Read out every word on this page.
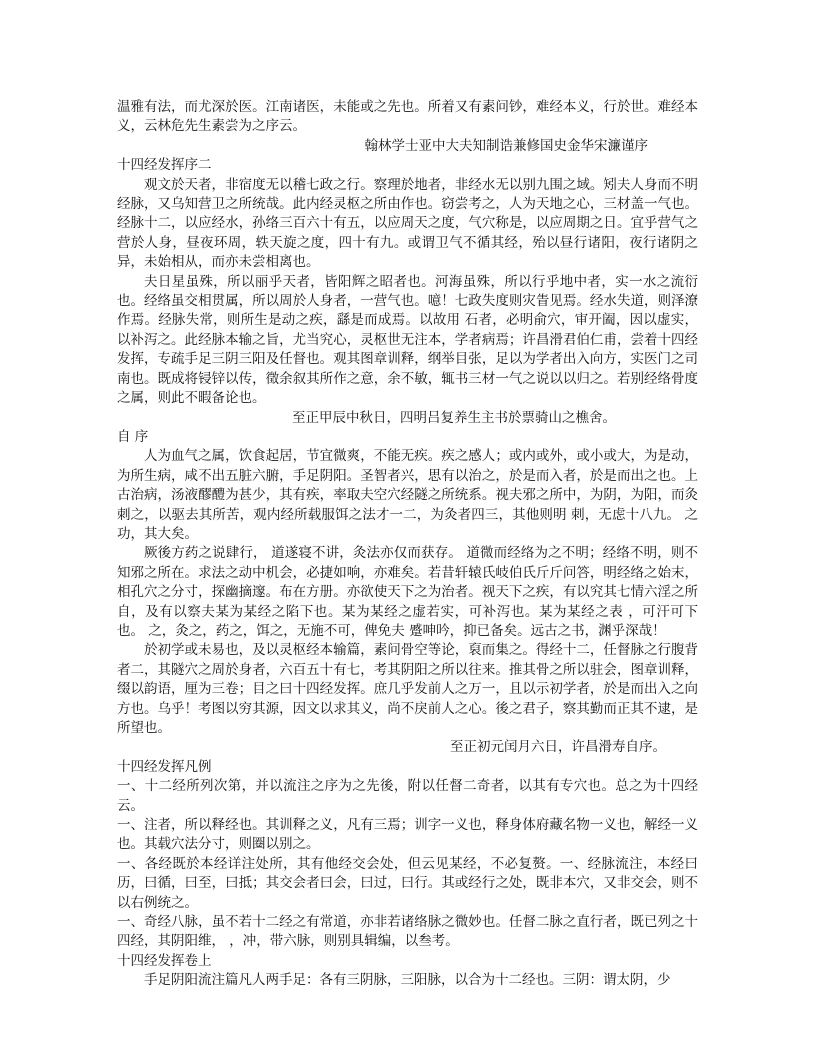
温雅有法，而尤深於医。江南诸医，未能或之先也。所着又有素问钞，难经本义，行於世。难经本义，云林危先生素尝为之序云。

翰林学士亚中大夫知制诰兼修国史金华宋濂谨序

十四经发挥序二

观文於天者，非宿度无以稽七政之行。察理於地者，非经水无以别九围之域。矧夫人身而不明经脉，又乌知营卫之所统哉。此内经灵枢之所由作也。窃尝考之，人为天地之心，三材盖一气也。经脉十二，以应经水，孙络三百六十有五，以应周天之度，气穴称是，以应周期之日。宜乎营气之营於人身，昼夜环周，轶天旋之度，四十有九。或谓卫气不循其经，殆以昼行诸阳，夜行诸阴之异，未始相从，而亦未尝相离也。

夫日星虽殊，所以丽乎天者，皆阳辉之昭者也。河海虽殊，所以行乎地中者，实一水之流衍也。经络虽交相贯属，所以周於人身者，一营气也。噫！七政失度则灾眚见焉。经水失道，则泽潦作焉。经脉失常，则所生是动之疾，繇是而成焉。以故用 石者，必明俞穴，审开阖，因以虚实，以补泻之。此经脉本输之旨，尤当究心，灵枢世无注本，学者病焉；许昌滑君伯仁甫，尝着十四经发挥，专疏手足三阴三阳及任督也。观其图章训释，纲举目张，足以为学者出入向方，实医门之司南也。既成将锓锌以传，徵余叙其所作之意，余不敏，辄书三材一气之说以以归之。若别经络骨度之属，则此不暇备论也。

至正甲辰中秋日，四明吕复养生主书於票骑山之樵舍。

自 序

人为血气之属，饮食起居，节宜微爽，不能无疾。疾之感人；或内或外，或小或大，为是动，为所生病，咸不出五脏六腑，手足阴阳。圣智者兴，思有以治之，於是而入者，於是而出之也。上古治病，汤液醪醴为甚少，其有疾，率取夫空穴经隧之所统系。视夫邪之所中，为阴，为阳，而灸刺之，以驱去其所苦，观内经所载服饵之法才一二，为灸者四三，其他则明 刺，无虑十八九。 之功，其大矣。

厥後方药之说肆行， 道遂寝不讲，灸法亦仅而获存。 道微而经络为之不明；经络不明，则不知邪之所在。求法之动中机会，必捷如响，亦难矣。若昔轩辕氏岐伯氏斤斤问答，明经络之始末，相孔穴之分寸，探幽摘邃。布在方册。亦欲使天下之为治者。视天下之疾，有以究其七情六淫之所自，及有以察夫某为某经之陷下也。某为某经之虚若实，可补泻也。某为某经之表 ，可汗可下也。 之，灸之，药之，饵之，无施不可，俾免夫 蹙呻吟，抑已备矣。远古之书，渊乎深哉！

於初学或未易也，及以灵枢经本输篇，素问骨空等论，裒而集之。得经十二，任督脉之行腹背者二，其隧穴之周於身者，六百五十有七，考其阴阳之所以往来。推其骨之所以驻会，图章训释，缀以韵语，厘为三卷；目之曰十四经发挥。庶几乎发前人之万一，且以示初学者，於是而出入之向方也。乌乎！考图以穷其源，因文以求其义，尚不戾前人之心。後之君子，察其勤而正其不逮，是所望也。

至正初元闰月六日，许昌滑寿自序。

十四经发挥凡例

一、十二经所列次第，并以流注之序为之先後，附以任督二奇者，以其有专穴也。总之为十四经云。

一、注者，所以释经也。其训释之义，凡有三焉；训字一义也，释身体府藏名物一义也，解经一义也。其载穴法分寸，则圈以别之。

一、各经既於本经详注处所，其有他经交会处，但云见某经，不必复赘。一、经脉流注，本经曰历，曰循，曰至，曰抵；其交会者曰会，曰过，曰行。其或经行之处，既非本穴，又非交会，则不以右例统之。

一、奇经八脉，虽不若十二经之有常道，亦非若诸络脉之微妙也。任督二脉之直行者，既已列之十四经，其阴阳维， ，冲，带六脉，则别具辑编，以叁考。

十四经发挥卷上

手足阴阳流注篇凡人两手足：各有三阴脉，三阳脉，以合为十二经也。三阴：谓太阴，少
